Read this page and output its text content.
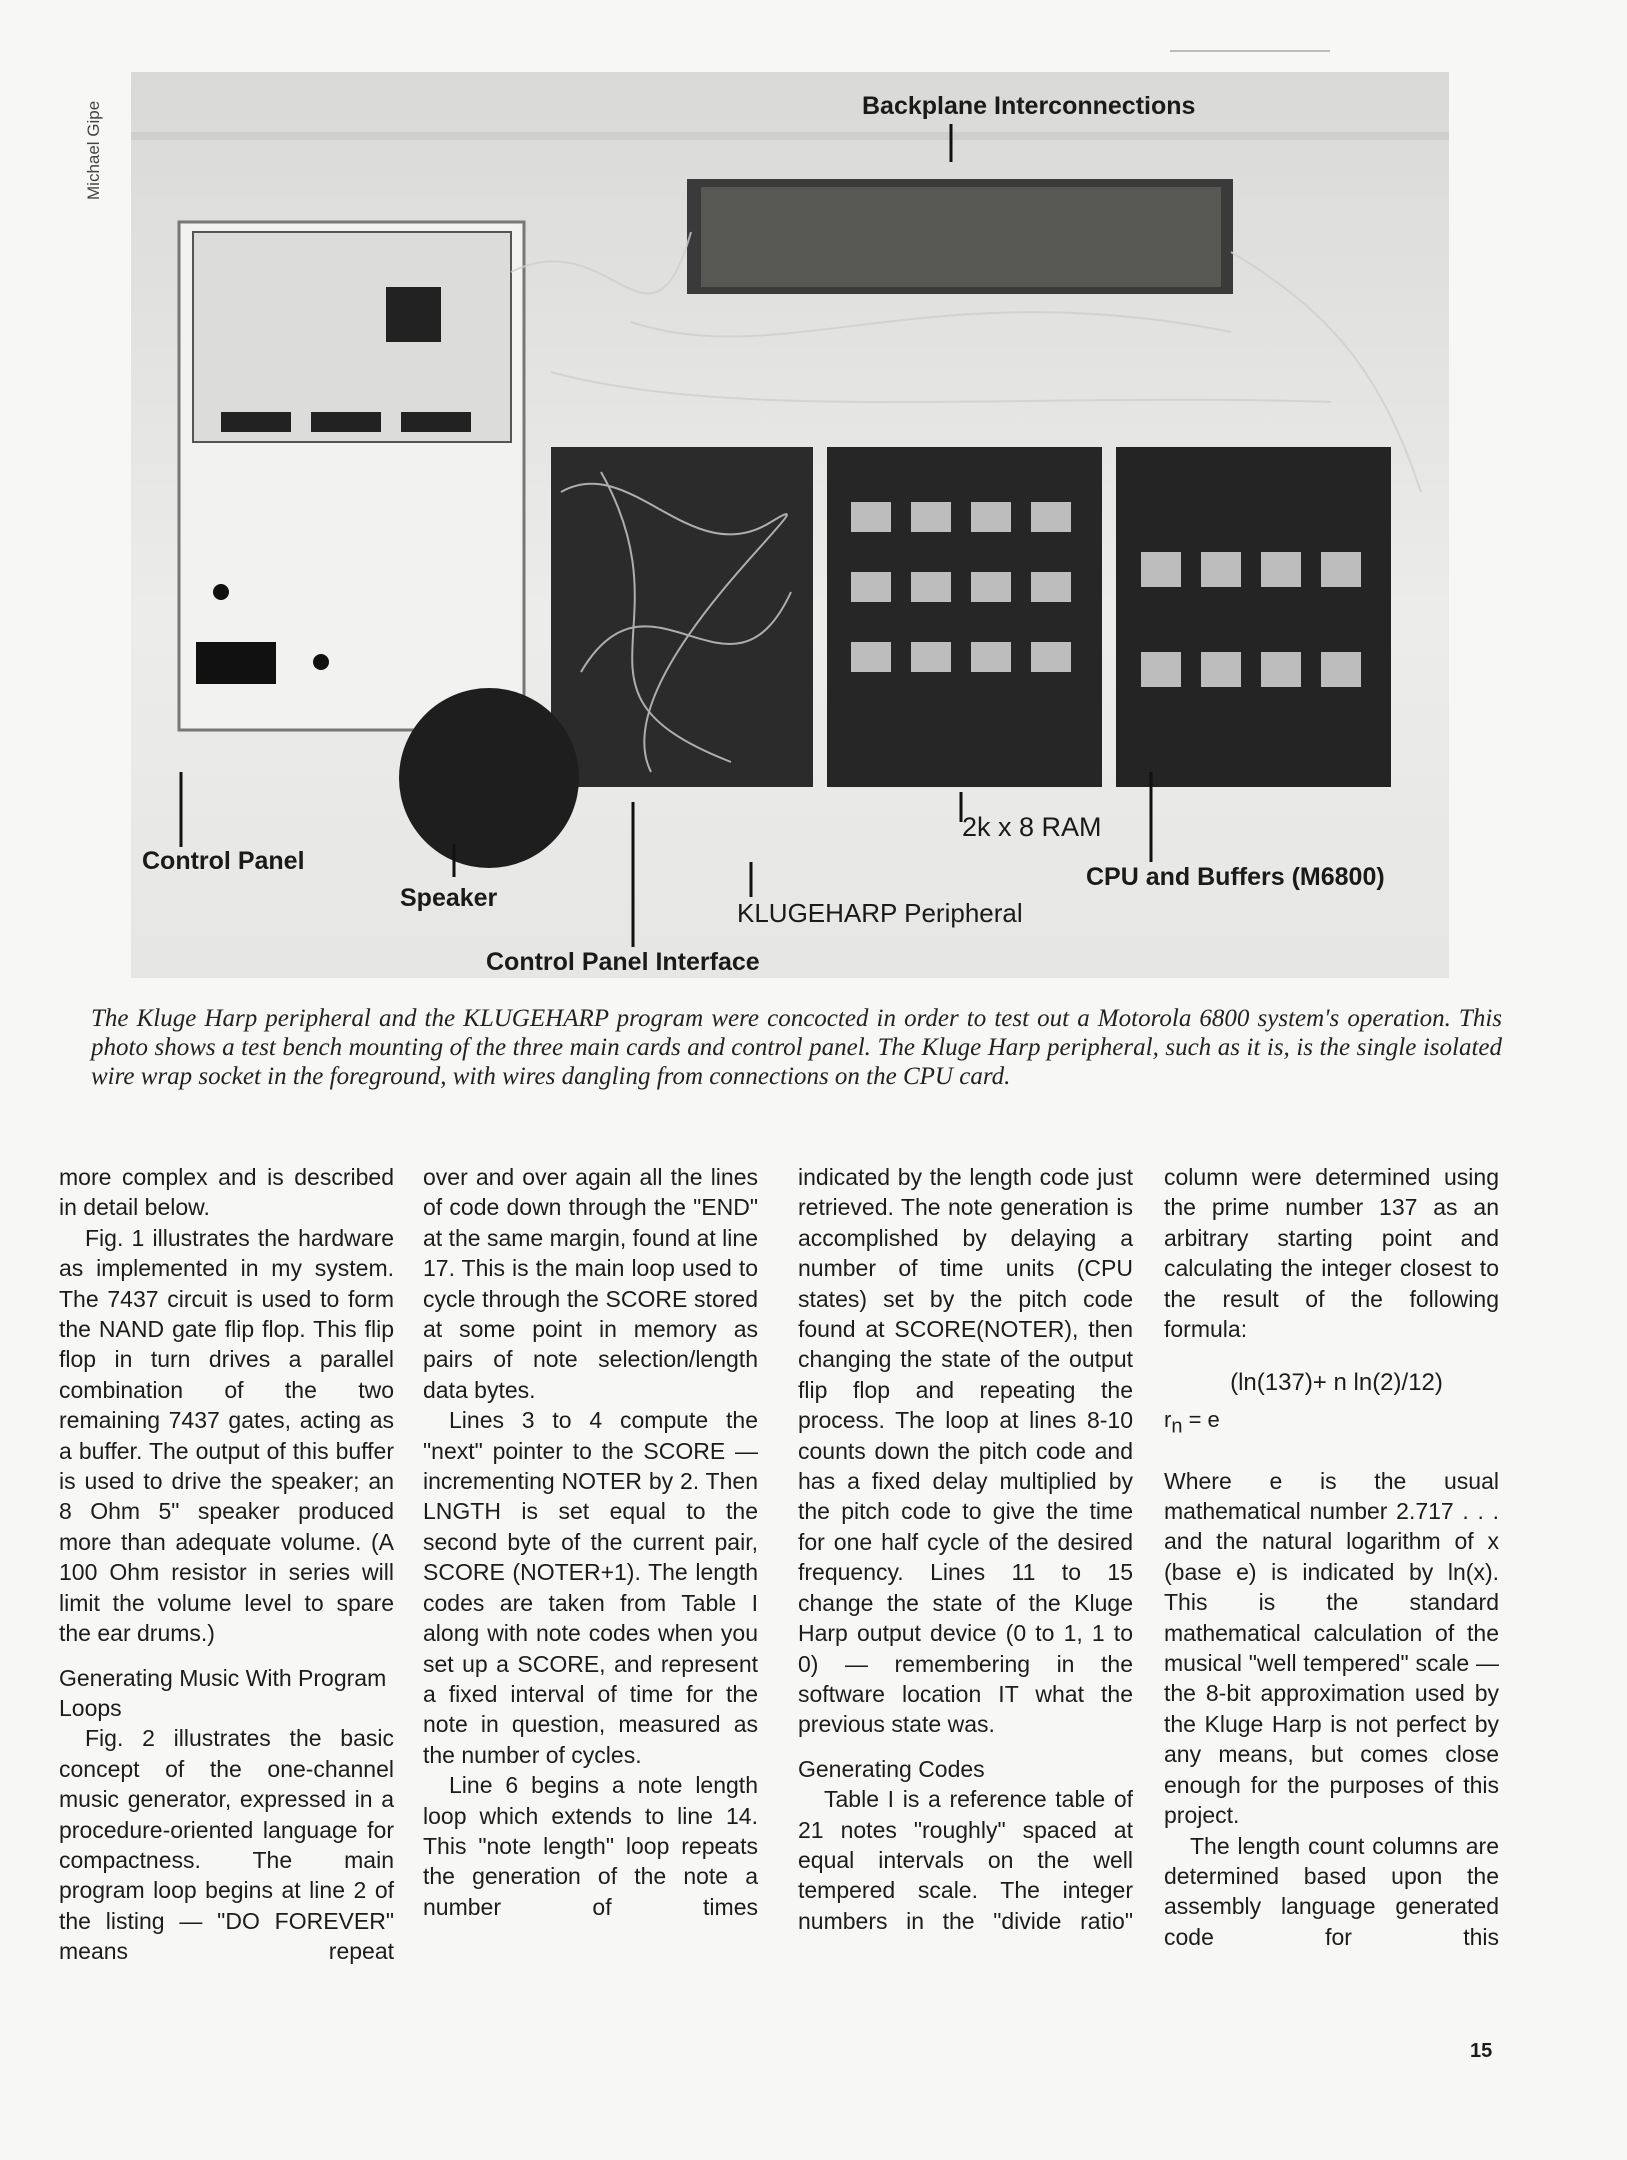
Michael Gipe	Backplane Interconnections
Control Panel
Speaker	KLUGEHARP Peripheral
Control Panel Interface
2k x 8 RAM
CPU and Buffers (M6800)
The Kluge Harp peripheral and the KLUGEHARP program were concocted in order to test out a Motorola 6800 system's operation. This photo shows a test bench mounting of the three main cards and control panel. The Kluge Harp peripheral, such as it is, is the single isolated wire wrap socket in the foreground, with wires dangling from connections on the CPU card.

more complex and is described in detail below.

Fig. 1 illustrates the hardware as implemented in my system. The 7437 circuit is used to form the NAND gate flip flop. This flip flop in turn drives a parallel combination of the two remaining 7437 gates, acting as a buffer. The output of this buffer is used to drive the speaker; an 8 Ohm 5" speaker produced more than adequate volume. (A 100 Ohm resistor in series will limit the volume level to spare the ear drums.)

Generating Music With Program Loops

Fig. 2 illustrates the basic concept of the one-channel music generator, expressed in a procedure-oriented language for compactness. The main program loop begins at line 2 of the listing — "DO FOREVER" means repeat

over and over again all the lines of code down through the "END" at the same margin, found at line 17. This is the main loop used to cycle through the SCORE stored at some point in memory as pairs of note selection/length data bytes.

Lines 3 to 4 compute the "next" pointer to the SCORE — incrementing NOTER by 2. Then LNGTH is set equal to the second byte of the current pair, SCORE (NOTER+1). The length codes are taken from Table I along with note codes when you set up a SCORE, and represent a fixed interval of time for the note in question, measured as the number of cycles.

Line 6 begins a note length loop which extends to line 14. This "note length" loop repeats the generation of the note a number of times

indicated by the length code just retrieved. The note generation is accomplished by delaying a number of time units (CPU states) set by the pitch code found at SCORE(NOTER), then changing the state of the output flip flop and repeating the process. The loop at lines 8-10 counts down the pitch code and has a fixed delay multiplied by the pitch code to give the time for one half cycle of the desired frequency. Lines 11 to 15 change the state of the Kluge Harp output device (0 to 1, 1 to 0) — remembering in the software location IT what the previous state was.

Generating Codes

Table I is a reference table of 21 notes "roughly" spaced at equal intervals on the well tempered scale. The integer numbers in the "divide ratio"

column were determined using the prime number 137 as an arbitrary starting point and calculating the integer closest to the result of the following formula:

(ln(137)+ n ln(2)/12)
$r_n = e$

Where e is the usual mathematical number 2.717 . . . and the natural logarithm of x (base e) is indicated by ln(x). This is the standard mathematical calculation of the musical "well tempered" scale — the 8-bit approximation used by the Kluge Harp is not perfect by any means, but comes close enough for the purposes of this project.

The length count columns are determined based upon the assembly language generated code for this

15
